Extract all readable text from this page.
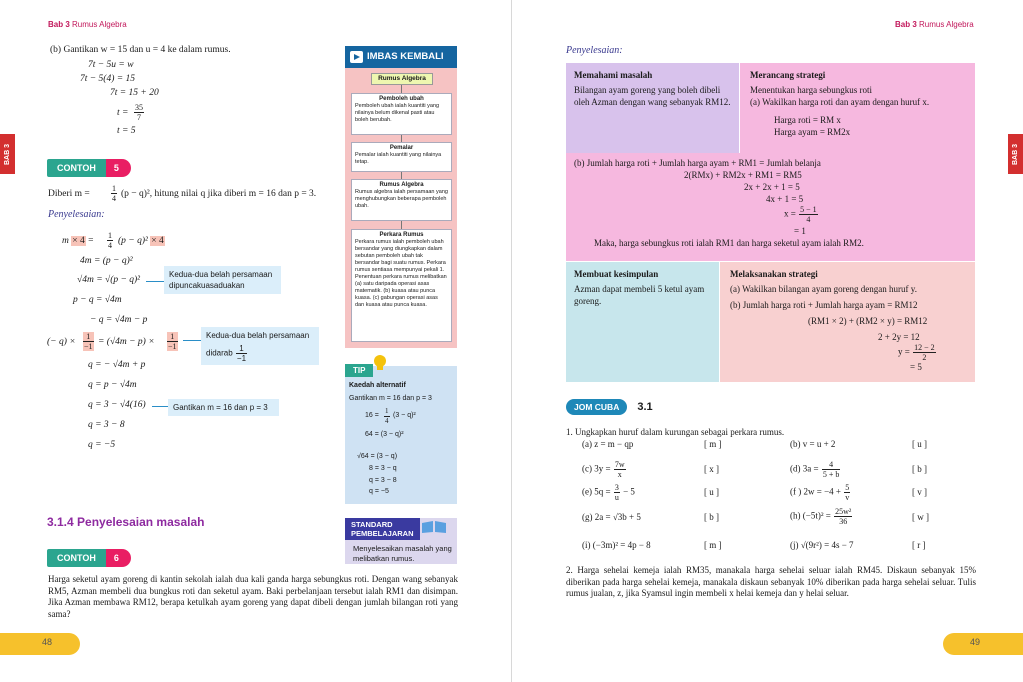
Bab 3 Rumus Algebra
BAB 3
(b) Gantikan w = 15 dan u = 4 ke dalam rumus.
7t − 5u = w
7t − 5(4) = 15
7t = 15 + 20
$t = \frac{35}{7}$
t = 5
CONTOH	5
Diberi m =	$\frac{1}{4} (p - q)^2$, hitung nilai q jika diberi m = 16 dan p = 3.
Penyelesaian:
$m \times 4 = \frac{1}{4} (p - q)^2 \times 4$
4m = (p − q)²
√4m = √(p − q)²
Kedua-dua belah persamaan dipuncakuasaduakan
p − q = √4m
− q = √4m − p
(− $q) \times \frac{1}{-1} = (√4m - p) \times \frac{1}{-1}$	Kedua-dua belah persamaan
didarab $\frac{1}{-1}$
q = − √4m + p
q = p − √4m
q = 3 − √4(16)	Gantikan m = 16 dan p = 3
q = 3 − 8
q = −5
IMBAS KEMBALI
Rumus Algebra
Pemboleh ubah
Pemboleh ubah ialah kuantiti yang nilainya belum dikenal pasti atau boleh berubah.
Pemalar
Pemalar ialah kuantiti yang nilainya tetap.
Rumus Algebra
Rumus algebra ialah persamaan yang menghubungkan beberapa pemboleh ubah.
Perkara Rumus
Perkara rumus ialah pemboleh ubah bersandar yang diungkapkan dalam sebutan pemboleh ubah tak bersandar bagi suatu rumus. Perkara rumus sentiasa mempunyai pekali 1. Penentuan perkara rumus melibatkan (a) satu daripada operasi asas matematik. (b) kuasa atau punca kuasa. (c) gabungan operasi asas dan kuasa atau punca kuasa.
TIP
Kaedah alternatif
Gantikan m = 16 dan p = 3
$16 = \frac{1}{4} (3 - q)^2$
64 = (3 − q)²
√64 = (3 − q)
8 = 3 − q
q = 3 − 8
q = −5
3.1.4 Penyelesaian masalah	STANDARD
PEMBELAJARAN
Menyelesaikan masalah yang melibatkan rumus.
CONTOH	6
Harga seketul ayam goreng di kantin sekolah ialah dua kali ganda harga sebungkus roti. Dengan wang sebanyak RM5, Azman membeli dua bungkus roti dan seketul ayam. Baki perbelanjaan tersebut ialah RM1 dan disimpan. Jika Azman membawa RM12, berapa ketulkah ayam goreng yang dapat dibeli dengan jumlah bilangan roti yang sama?
48
Bab 3 Rumus Algebra
BAB 3
Penyelesaian:
Memahami masalah
Bilangan ayam goreng yang boleh dibeli oleh Azman dengan wang sebanyak RM12.
Merancang strategi
Menentukan harga sebungkus roti
(a) Wakilkan harga roti dan ayam dengan huruf x.
Harga roti = RM x
Harga ayam = RM2x
(b) Jumlah harga roti + Jumlah harga ayam + RM1 = Jumlah belanja
2(RMx) + RM2x + RM1 = RM5
2x + 2x + 1 = 5
4x + 1 = 5
$x = \frac{5 - 1}{4}$
= 1
Maka, harga sebungkus roti ialah RM1 dan harga seketul ayam ialah RM2.
Membuat kesimpulan
Azman dapat membeli 5 ketul ayam goreng.
Melaksanakan strategi
(a) Wakilkan bilangan ayam goreng dengan huruf y.
(b) Jumlah harga roti + Jumlah harga ayam = RM12
(RM1 × 2) + (RM2 × y) = RM12
2 + 2y = 12
$y = \frac{12 - 2}{2}$
= 5
JOM CUBA	3.1
1. Ungkapkan huruf dalam kurungan sebagai perkara rumus.
(a) z = m − qp	[ m ]	(b) v = u + 2	[ u ]
(c) $3y = \frac{7w}{x}$	[ x ]	(d) $3a = \frac{4}{5 + b}$	[ b ]
(e) $5q = \frac{3}{u} - 5$	[ u ]	(f ) $2w = -4 + \frac{5}{v}$	[ v ]
(g) 2a = √3b + 5	[ b ]	(h) $(-5t)^2 = \frac{\text{25w²}}{36}$	[ w ]
(i) (−3m)² = 4p − 8	[ m ]	(j) √(9r²) = 4s − 7	[ r ]
2. Harga sehelai kemeja ialah RM35, manakala harga sehelai seluar ialah RM45. Diskaun sebanyak 15% diberikan pada harga sehelai kemeja, manakala diskaun sebanyak 10% diberikan pada harga sehelai seluar. Tulis rumus jualan, z, jika Syamsul ingin membeli x helai kemeja dan y helai seluar.
49
